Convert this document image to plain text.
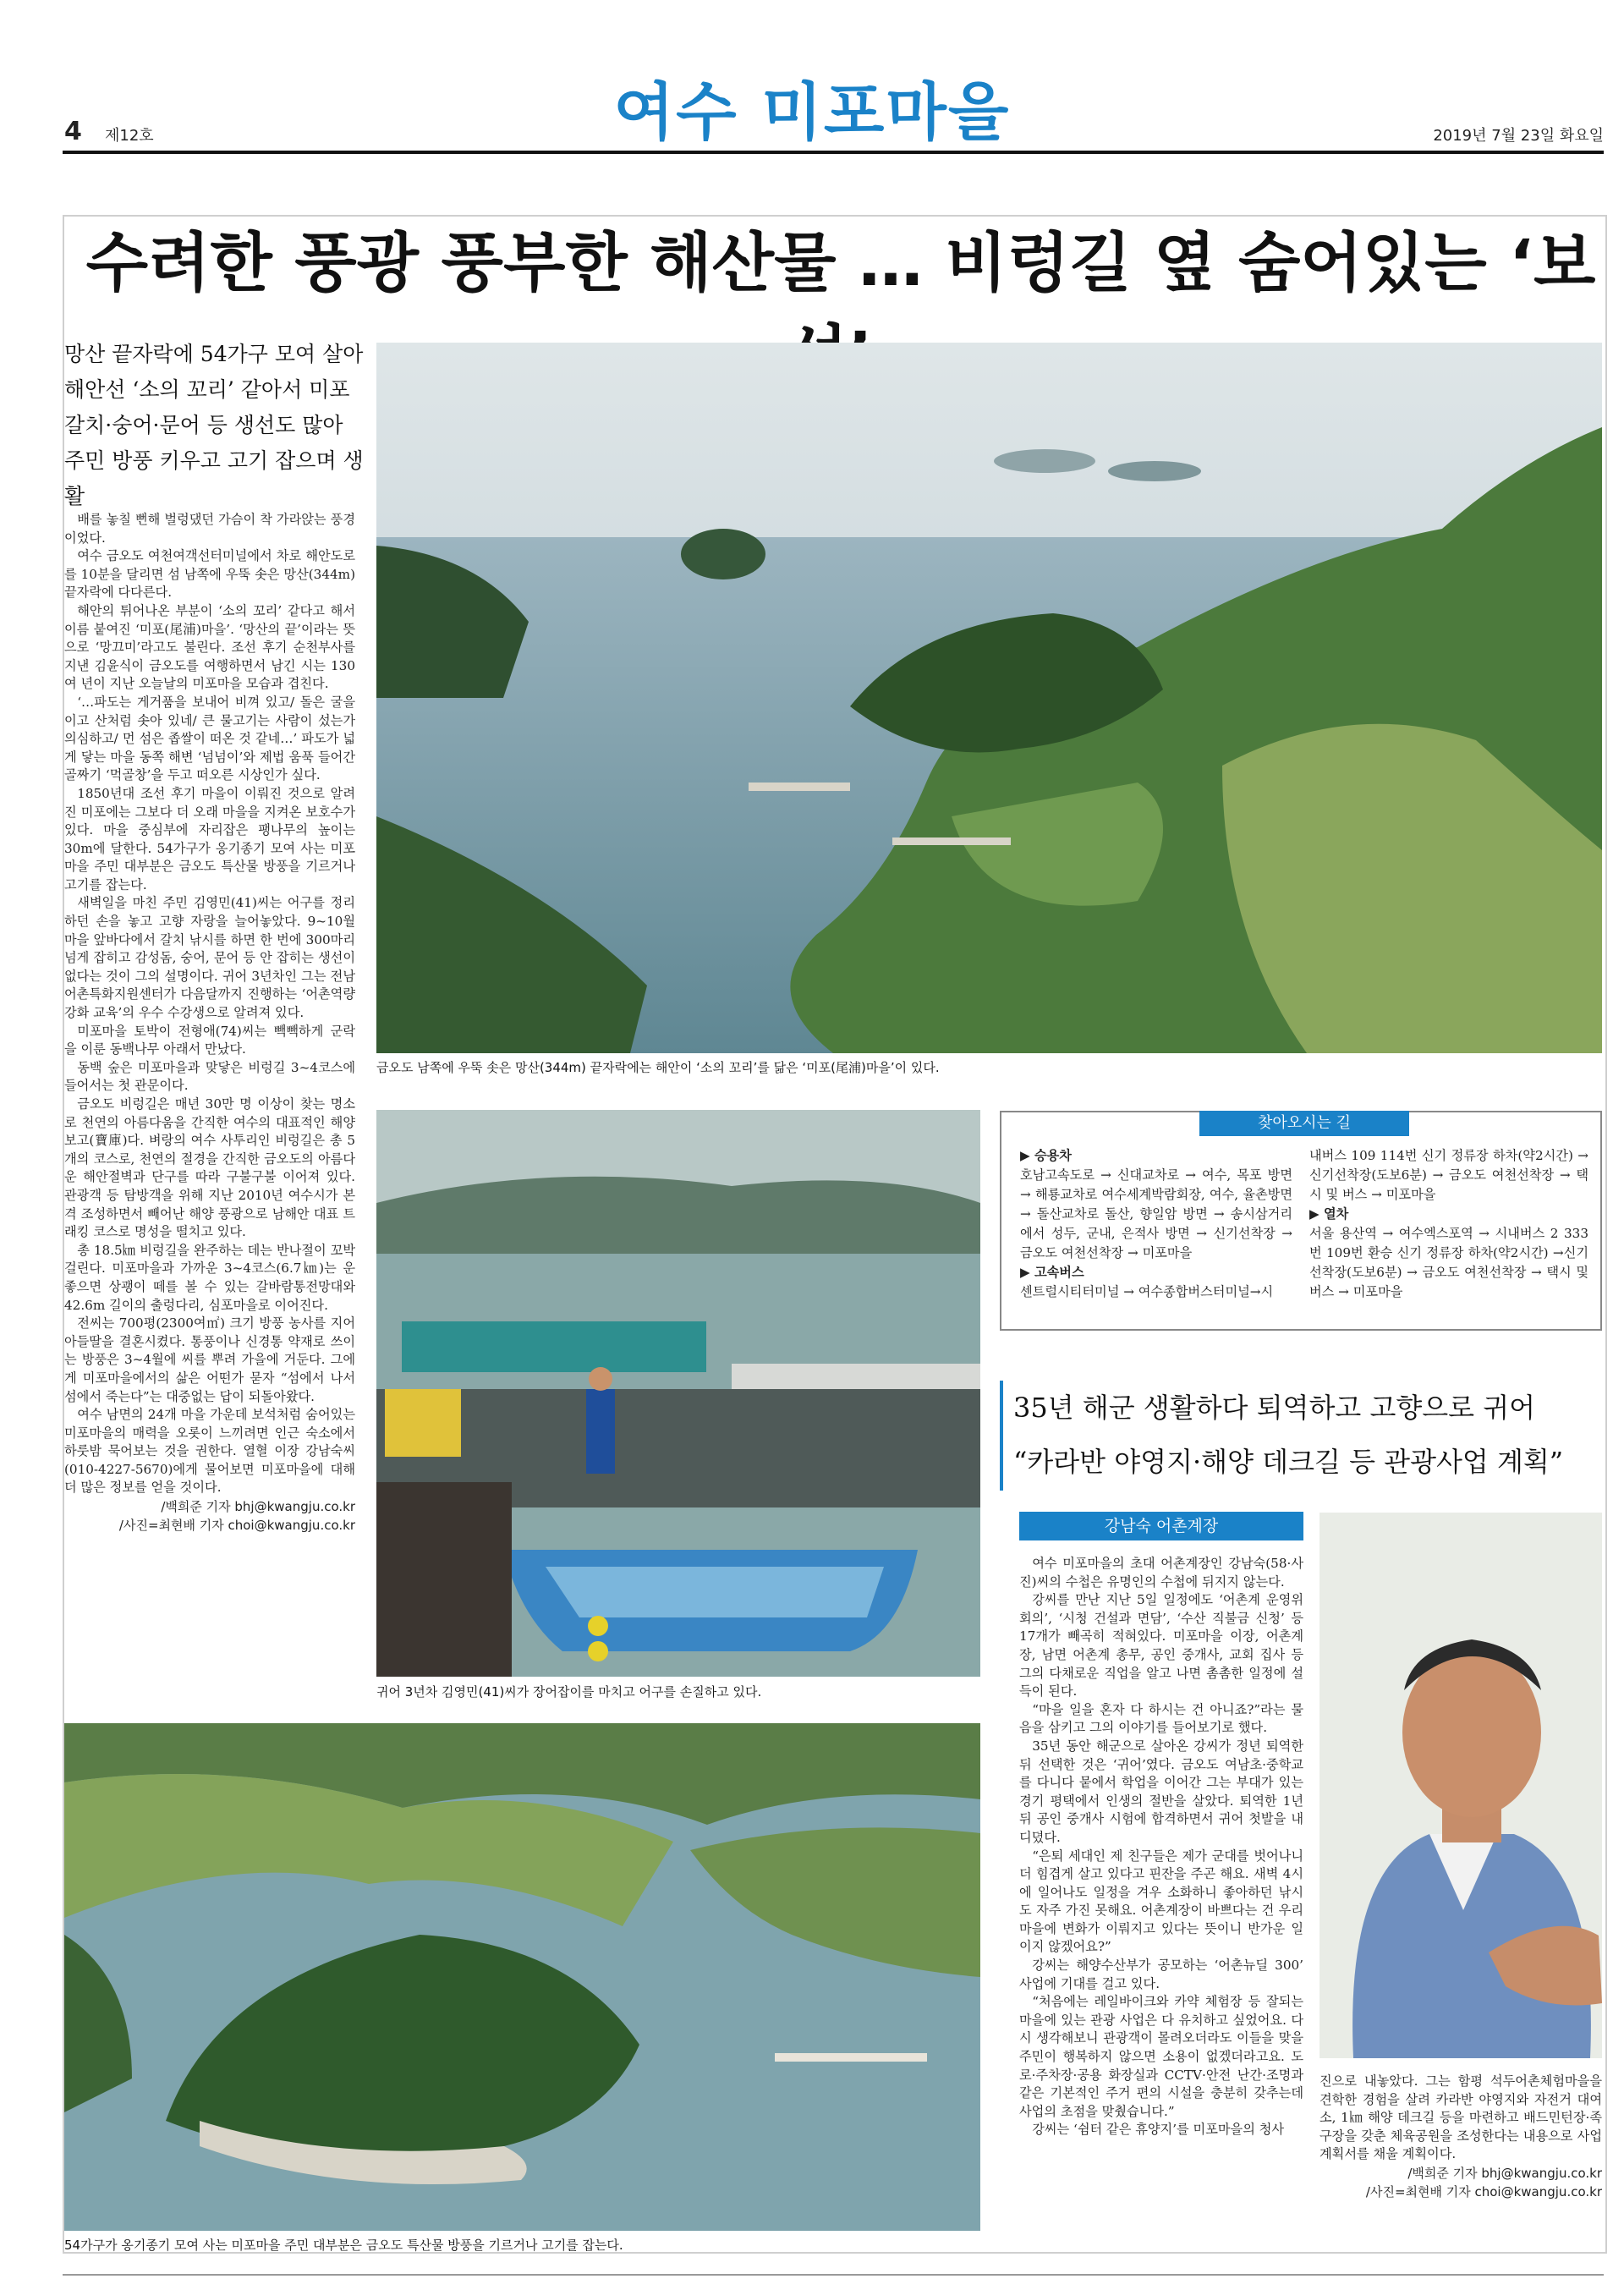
4 제12호	여수 미포마을	2019년 7월 23일 화요일
수려한 풍광 풍부한 해산물 … 비렁길 옆 숨어있는 ‘보
망산 끝자락에 54가구 모여 살아
해안선 ‘소의 꼬리’ 같아서 미포
갈치·숭어·문어 등 생선도 많아
주민 방풍 키우고 고기 잡으며 생활

배를 놓칠 뻔해 벌렁댔던 가슴이 착 가라앉는 풍경이었다.

여수 금오도 여천여객선터미널에서 차로 해안도로를 10분을 달리면 섬 남쪽에 우뚝 솟은 망산(344m) 끝자락에 다다른다.

해안의 튀어나온 부분이 ‘소의 꼬리’ 같다고 해서 이름 붙여진 ‘미포(尾浦)마을’. ‘망산의 끝’이라는 뜻으로 ‘망끄미’라고도 불린다. 조선 후기 순천부사를 지낸 김윤식이 금오도를 여행하면서 남긴 시는 130여 년이 지난 오늘날의 미포마을 모습과 겹친다.

‘…파도는 게거품을 보내어 비껴 있고/ 돌은 굴을 이고 산처럼 솟아 있네/ 큰 물고기는 사람이 섰는가 의심하고/ 먼 섬은 좁쌀이 떠온 것 같네…’ 파도가 넓게 닿는 마을 동쪽 해변 ‘넘넘이’와 제법 움푹 들어간 골짜기 ‘먹골창’을 두고 떠오른 시상인가 싶다.

1850년대 조선 후기 마을이 이뤄진 것으로 알려진 미포에는 그보다 더 오래 마을을 지켜온 보호수가 있다. 마을 중심부에 자리잡은 팽나무의 높이는 30m에 달한다. 54가구가 옹기종기 모여 사는 미포마을 주민 대부분은 금오도 특산물 방풍을 기르거나 고기를 잡는다.

새벽일을 마친 주민 김영민(41)씨는 어구를 정리하던 손을 놓고 고향 자랑을 늘어놓았다. 9~10월 마을 앞바다에서 갈치 낚시를 하면 한 번에 300마리 넘게 잡히고 감성돔, 숭어, 문어 등 안 잡히는 생선이 없다는 것이 그의 설명이다. 귀어 3년차인 그는 전남어촌특화지원센터가 다음달까지 진행하는 ‘어촌역량강화 교육’의 우수 수강생으로 알려져 있다.

미포마을 토박이 전형애(74)씨는 빽빽하게 군락을 이룬 동백나무 아래서 만났다.

동백 숲은 미포마을과 맞닿은 비렁길 3~4코스에 들어서는 첫 관문이다.

금오도 비렁길은 매년 30만 명 이상이 찾는 명소로 천연의 아름다움을 간직한 여수의 대표적인 해양 보고(寶庫)다. 벼랑의 여수 사투리인 비렁길은 총 5개의 코스로, 천연의 절경을 간직한 금오도의 아름다운 해안절벽과 단구를 따라 구불구불 이어져 있다. 관광객 등 탐방객을 위해 지난 2010년 여수시가 본격 조성하면서 빼어난 해양 풍광으로 남해안 대표 트래킹 코스로 명성을 떨치고 있다.

총 18.5㎞ 비렁길을 완주하는 데는 반나절이 꼬박 걸린다. 미포마을과 가까운 3~4코스(6.7㎞)는 운 좋으면 상괭이 떼를 볼 수 있는 갈바람통전망대와 42.6m 길이의 출렁다리, 심포마을로 이어진다.

전씨는 700평(2300여㎡) 크기 방풍 농사를 지어 아들딸을 결혼시켰다. 통풍이나 신경통 약재로 쓰이는 방풍은 3~4월에 씨를 뿌려 가을에 거둔다. 그에게 미포마을에서의 삶은 어떤가 묻자 “섬에서 나서 섬에서 죽는다”는 대중없는 답이 되돌아왔다.

여수 남면의 24개 마을 가운데 보석처럼 숨어있는 미포마을의 매력을 오롯이 느끼려면 인근 숙소에서 하룻밤 묵어보는 것을 권한다. 열혈 이장 강남숙씨(010-4227-5670)에게 물어보면 미포마을에 대해 더 많은 정보를 얻을 것이다.

/백희준 기자 bhj@kwangju.co.kr
/사진=최현배 기자 choi@kwangju.co.kr
금오도 남쪽에 우뚝 솟은 망산(344m) 끝자락에는 해안이 ‘소의 꼬리’를 닮은 ‘미포(尾浦)마을’이 있다.
귀어 3년차 김영민(41)씨가 장어잡이를 마치고 어구를 손질하고 있다.
54가구가 옹기종기 모여 사는 미포마을 주민 대부분은 금오도 특산물 방풍을 기르거나 고기를 잡는다.
찾아오시는 길

▶ 승용차

호남고속도로 → 신대교차로 → 여수, 목포 방면 → 해룡교차로 여수세계박람회장, 여수, 율촌방면 → 돌산교차로 돌산, 향일암 방면 → 송시삼거리에서 성두, 군내, 은적사 방면 → 신기선착장 → 금오도 여천선착장 → 미포마을

▶ 고속버스

센트럴시티터미널 → 여수종합버스터미널→시

내버스 109 114번 신기 정류장 하차(약2시간) →신기선착장(도보6분) → 금오도 여천선착장 → 택시 및 버스 → 미포마을

▶ 열차

서울 용산역 → 여수엑스포역 → 시내버스 2 333번 109번 환승 신기 정류장 하차(약2시간) →신기선착장(도보6분) → 금오도 여천선착장 → 택시 및 버스 → 미포마을

35년 해군 생활하다 퇴역하고 고향으로 귀어
“카라반 야영지·해양 데크길 등 관광사업 계획”
강남숙 어촌계장

여수 미포마을의 초대 어촌계장인 강남숙(58·사진)씨의 수첩은 유명인의 수첩에 뒤지지 않는다.

강씨를 만난 지난 5일 일정에도 ‘어촌계 운영위회의’, ‘시청 건설과 면담’, ‘수산 직불금 신청’ 등 17개가 빼곡히 적혀있다. 미포마을 이장, 어촌계장, 남면 어촌계 총무, 공인 중개사, 교회 집사 등 그의 다채로운 직업을 알고 나면 촘촘한 일정에 설득이 된다.

“마을 일을 혼자 다 하시는 건 아니죠?”라는 물음을 삼키고 그의 이야기를 들어보기로 했다.

35년 동안 해군으로 살아온 강씨가 정년 퇴역한 뒤 선택한 것은 ‘귀어’였다. 금오도 여남초·중학교를 다니다 뭍에서 학업을 이어간 그는 부대가 있는 경기 평택에서 인생의 절반을 살았다. 퇴역한 1년 뒤 공인 중개사 시험에 합격하면서 귀어 첫발을 내디뎠다.

“은퇴 세대인 제 친구들은 제가 군대를 벗어나니 더 힘겹게 살고 있다고 핀잔을 주곤 해요. 새벽 4시에 일어나도 일정을 겨우 소화하니 좋아하던 낚시도 자주 가진 못해요. 어촌계장이 바쁘다는 건 우리 마을에 변화가 이뤄지고 있다는 뜻이니 반가운 일이지 않겠어요?”

강씨는 해양수산부가 공모하는 ‘어촌뉴딜 300’ 사업에 기대를 걸고 있다.

“처음에는 레일바이크와 카약 체험장 등 잘되는 마을에 있는 관광 사업은 다 유치하고 싶었어요. 다시 생각해보니 관광객이 몰려오더라도 이들을 맞을 주민이 행복하지 않으면 소용이 없겠더라고요. 도로·주차장·공용 화장실과 CCTV·안전 난간·조명과 같은 기본적인 주거 편의 시설을 충분히 갖추는데 사업의 초점을 맞췄습니다.”

강씨는 ‘쉼터 같은 휴양지’를 미포마을의 청사

진으로 내놓았다. 그는 함평 석두어촌체험마을을 견학한 경험을 살려 카라반 야영지와 자전거 대여소, 1㎞ 해양 데크길 등을 마련하고 배드민턴장·족구장을 갖춘 체육공원을 조성한다는 내용으로 사업계획서를 채울 계획이다.

/백희준 기자 bhj@kwangju.co.kr
/사진=최현배 기자 choi@kwangju.co.kr
